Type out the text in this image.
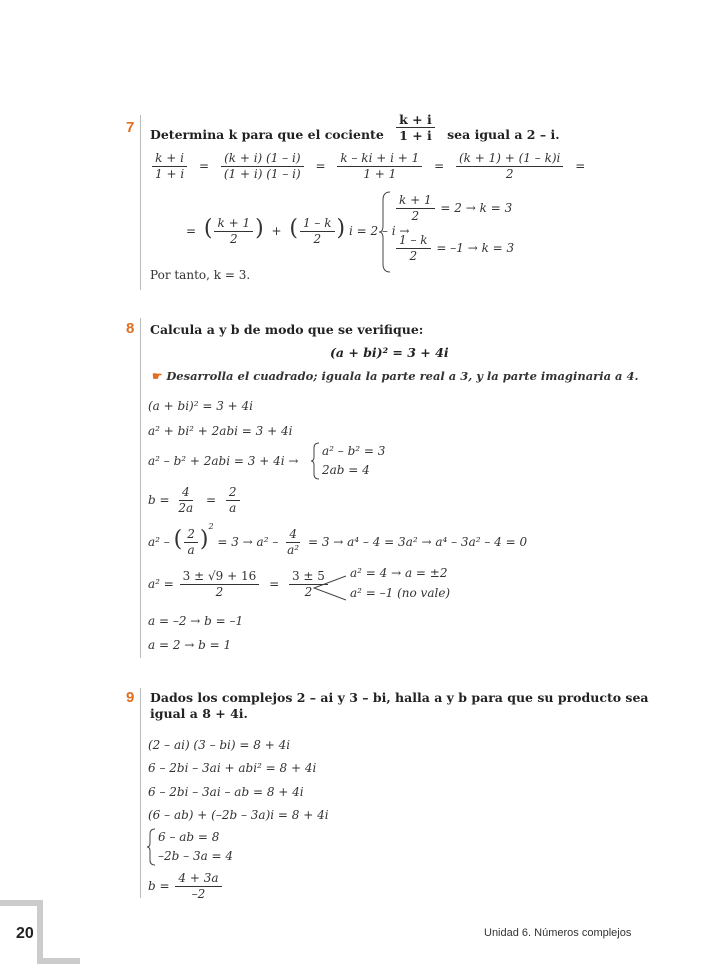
20	Unidad 6. Números complejos
7 Determina k para que el cociente $\frac{k + i}{1 + i}$ sea igual a 2 – i.
$\frac{k + i}{1 + i} = \frac{(k + i) (1 - i)}{(1 + i) (1 - i)} = \frac{k - ki + i + 1}{1 + 1} = \frac{(k + 1) + (1 - k)i}{2}$ =
= ( $\frac{k + 1}{2}$ ) + ( $\frac{1 - k}{2}$ ) i = 2 – i →
$\frac{k + 1}{2} = 2 \to k = 3$
$\frac{1 - k}{2} = -1 \to k = 3$
Por tanto, k = 3.
8 Calcula a y b de modo que se verifique:
(a + bi)² = 3 + 4i
☛ Desarrolla el cuadrado; iguala la parte real a 3, y la parte imaginaria a 4.
(a + bi)² = 3 + 4i
a² + bi² + 2abi = 3 + 4i
a² – b² + 2abi = 3 + 4i →
a² – b² = 3
2ab = 4
$b = \frac{4}{2a} = \frac{2}{a}$
a² – ( $\frac{2}{a} )^2 = 3 \to a^2 - \frac{4}{\text{a²}} = 3 \to a^4 - 4 = 3a^2 \to a^4 - 3a^2 - 4 = 0$
$a^2 = \frac{3 \pm √9 + 16}{2} = \frac{3 \pm 5}{2} a^2 = 4 \to a = \pm 2$
a² = –1 (no vale)
a = –2 → b = –1
a = 2 → b = 1
9 Dados los complejos 2 – ai y 3 – bi, halla a y b para que su producto sea
igual a 8 + 4i.
(2 – ai) (3 – bi) = 8 + 4i
6 – 2bi – 3ai + abi² = 8 + 4i
6 – 2bi – 3ai – ab = 8 + 4i
(6 – ab) + (–2b – 3a)i = 8 + 4i
6 – ab = 8
–2b – 3a = 4
$b = \frac{4 + 3a}{-2}$
